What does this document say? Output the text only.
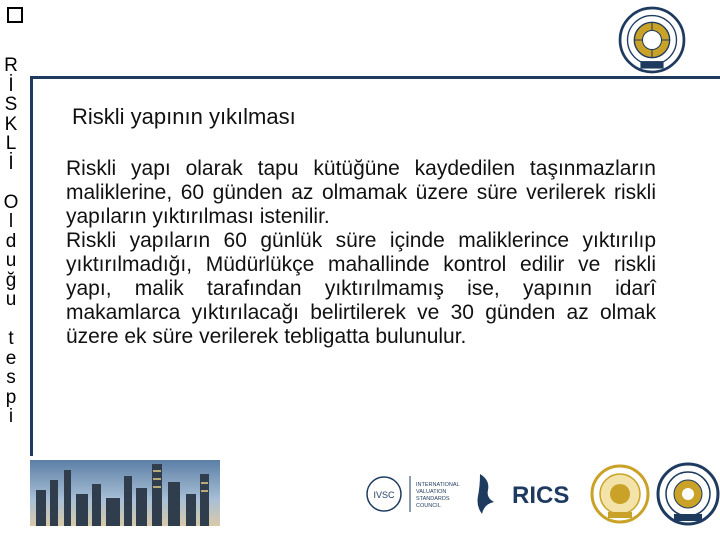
R
İ
S
K
L
İ
O
l
d
u
ğ
u
t
e
s
p
i
Riskli yapının yıkılması

Riskli yapı olarak tapu kütüğüne kaydedilen taşınmazların maliklerine, 60 günden az olmamak üzere süre verilerek riskli yapıların yıktırılması istenilir.

Riskli yapıların 60 günlük süre içinde maliklerince yıktırılıp yıktırılmadığı, Müdürlükçe mahallinde kontrol edilir ve riskli yapı, malik tarafından yıktırılmamış ise, yapının idarî makamlarca yıktırılacağı belirtilerek ve 30 günden az olmak üzere ek süre verilerek tebligatta bulunulur.

IVSC
INTERNATIONAL
VALUATION
STANDARDS
COUNCIL	RICS
